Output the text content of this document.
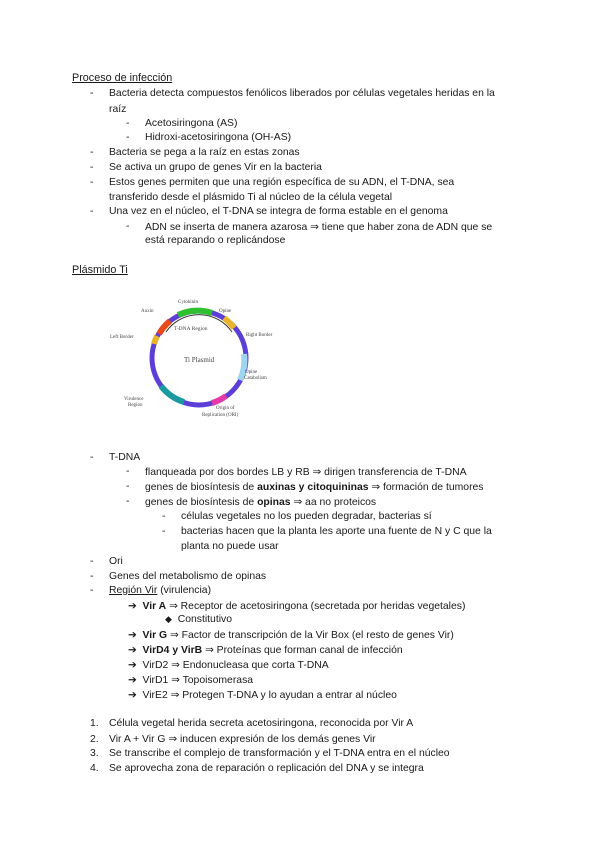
Proceso de infección
- Bacteria detecta compuestos fenólicos liberados por células vegetales heridas en la
raíz
- Acetosiringona (AS)
- Hidroxi-acetosiringona (OH-AS)
- Bacteria se pega a la raíz en estas zonas
- Se activa un grupo de genes Vir en la bacteria
- Estos genes permiten que una región específica de su ADN, el T-DNA, sea
transferido desde el plásmido Ti al núcleo de la célula vegetal
- Una vez en el núcleo, el T-DNA se integra de forma estable en el genoma
- ADN se inserta de manera azarosa ⇒ tiene que haber zona de ADN que se
está reparando o replicándose
Plásmido Ti
T-DNA Region
Ti Plasmid
Cytokinin
Opine
Auxin
Left Border	Right Border
Opine
Catabolism
Virulence
Region
Origin of
Replication (ORI)
- T-DNA
- flanqueada por dos bordes LB y RB ⇒ dirigen transferencia de T-DNA
- genes de biosíntesis de auxinas y citoquininas ⇒ formación de tumores
- genes de biosíntesis de opinas ⇒ aa no proteicos
- células vegetales no los pueden degradar, bacterias sí
- bacterias hacen que la planta les aporte una fuente de N y C que la
planta no puede usar
- Ori
- Genes del metabolismo de opinas
- Región Vir (virulencia)
➔ Vir A ⇒ Receptor de acetosiringona (secretada por heridas vegetales)
◆ Constitutivo
➔ Vir G ⇒ Factor de transcripción de la Vir Box (el resto de genes Vir)
➔ VirD4 y VirB ⇒ Proteínas que forman canal de infección
➔ VirD2 ⇒ Endonucleasa que corta T-DNA
➔ VirD1 ⇒ Topoisomerasa
➔ VirE2 ⇒ Protegen T-DNA y lo ayudan a entrar al núcleo
1. Célula vegetal herida secreta acetosiringona, reconocida por Vir A
2. Vir A + Vir G ⇒ inducen expresión de los demás genes Vir
3. Se transcribe el complejo de transformación y el T-DNA entra en el núcleo
4. Se aprovecha zona de reparación o replicación del DNA y se integra
